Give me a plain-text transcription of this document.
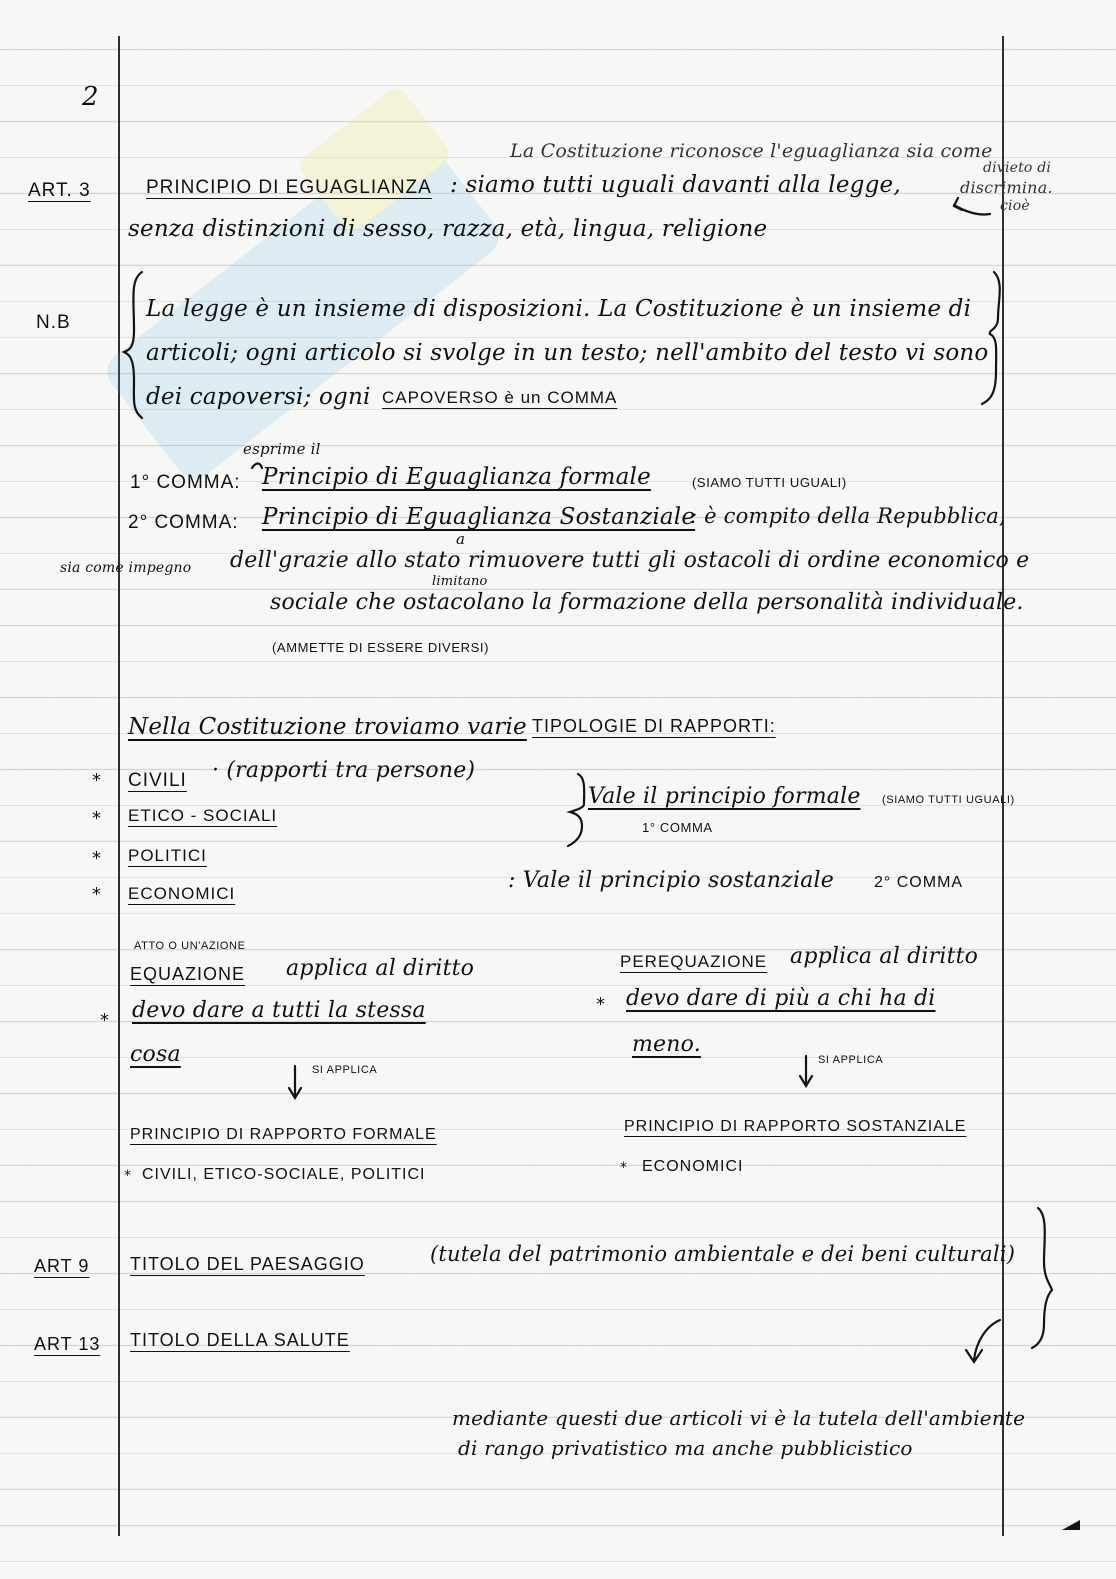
2
La Costituzione riconosce l'eguaglianza sia come
divieto di
discrimina.
cioè
ART. 3	PRINCIPIO DI EGUAGLIANZA : siamo tutti uguali davanti alla legge,
senza distinzioni di sesso, razza, età, lingua, religione
N.B
La legge è un insieme di disposizioni. La Costituzione è un insieme di
articoli; ogni articolo si svolge in un testo; nell'ambito del testo vi sono
dei capoversi; ogni CAPOVERSO è un COMMA
esprime il
1° COMMA: Principio di Eguaglianza formale	(SIAMO TUTTI UGUALI)
2° COMMA: Principio di Eguaglianza Sostanziale
: è compito della Repubblica,
sia come impegno
a
dell'grazie allo stato rimuovere tutti gli ostacoli di ordine economico e
limitano
sociale che ostacolano la formazione della personalità individuale.
(AMMETTE DI ESSERE DIVERSI)
Nella Costituzione troviamo varie TIPOLOGIE DI RAPPORTI:
* CIVILI · (rapporti tra persone)
* ETICO - SOCIALI
* POLITICI
* ECONOMICI
Vale il principio formale (SIAMO TUTTI UGUALI)
1° COMMA
: Vale il principio sostanziale	2° COMMA
ATTO O UN'AZIONE
EQUAZIONE applica al diritto
* devo dare a tutti la stessa
cosa
SI APPLICA
PRINCIPIO DI RAPPORTO FORMALE
* CIVILI, ETICO-SOCIALE, POLITICI
PEREQUAZIONE applica al diritto
* devo dare di più a chi ha di
meno.
SI APPLICA
PRINCIPIO DI RAPPORTO SOSTANZIALE
* ECONOMICI
ART 9 TITOLO DEL PAESAGGIO	(tutela del patrimonio ambientale e dei beni culturali)
ART 13 TITOLO DELLA SALUTE
mediante questi due articoli vi è la tutela dell'ambiente
di rango privatistico ma anche pubblicistico
